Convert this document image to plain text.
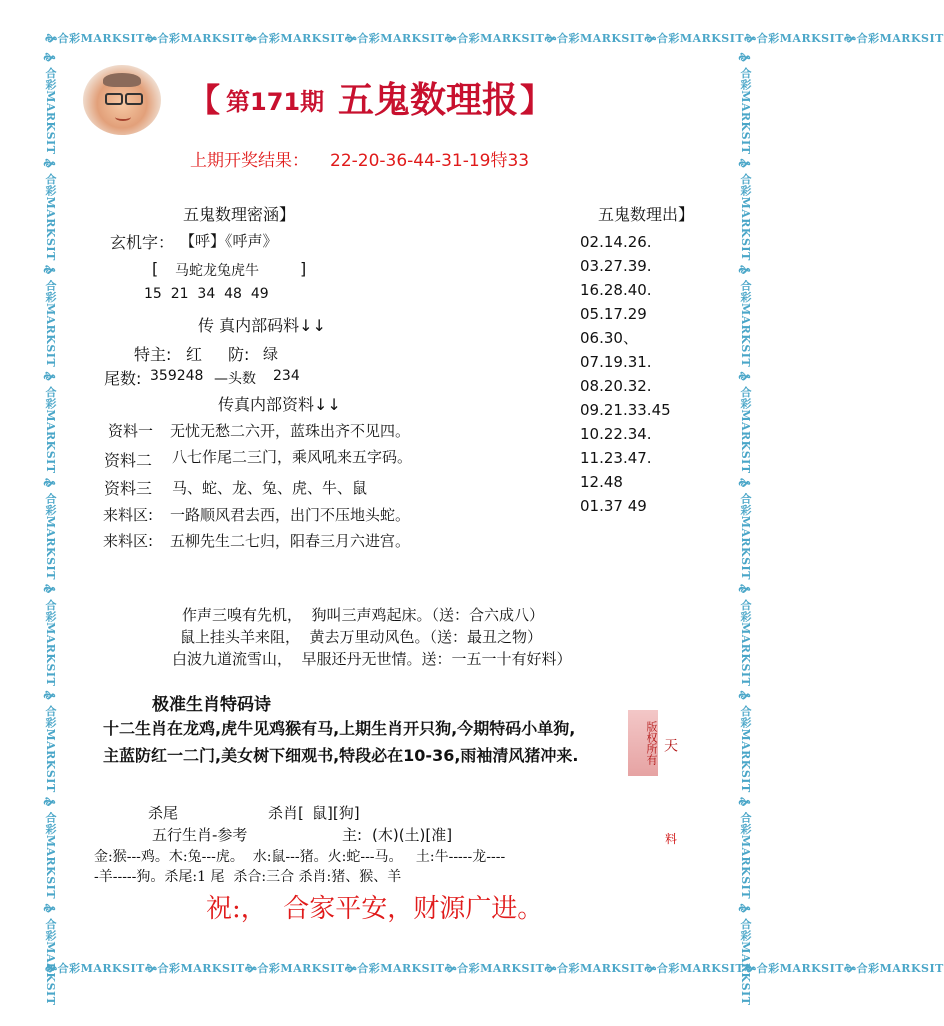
🙞合彩MARKSIT🙞合彩MARKSIT🙞合彩MARKSIT🙞合彩MARKSIT🙞合彩MARKSIT🙞合彩MARKSIT🙞合彩MARKSIT🙞合彩MARKSIT🙞合彩MARKSIT
🙞合彩MARKSIT🙞合彩MARKSIT🙞合彩MARKSIT🙞合彩MARKSIT🙞合彩MARKSIT🙞合彩MARKSIT🙞合彩MARKSIT🙞合彩MARKSIT🙞合彩MARKSIT
🙞合彩MARKSIT🙞合彩MARKSIT🙞合彩MARKSIT🙞合彩MARKSIT🙞合彩MARKSIT🙞合彩MARKSIT🙞合彩MARKSIT🙞合彩MARKSIT🙞合彩MARKSIT	🙞合彩MARKSIT🙞合彩MARKSIT🙞合彩MARKSIT🙞合彩MARKSIT🙞合彩MARKSIT🙞合彩MARKSIT🙞合彩MARKSIT🙞合彩MARKSIT🙞合彩MARKSIT
【 第171期 五鬼数理报 】
上期开奖结果： 22-20-36-44-31-19特33
五鬼数理密涵】
玄机字： 【呼】《呼声》
[ 马蛇龙兔虎牛	]
15  21  34  48  49
传 真内部码料↓↓
特主: 红 防: 绿
尾数: 359248 —头数 234
传真内部资料↓↓
资料一 无忧无愁二六开，蓝珠出齐不见四。
资料二 八七作尾二三门，乘风吼来五字码。
资料三 马、蛇、龙、兔、虎、牛、鼠
来料区: 一路顺风君去西，出门不压地头蛇。
来料区: 五柳先生二七归，阳春三月六进宫。
五鬼数理出】
02.14.26.
03.27.39.
16.28.40.
05.17.29
06.30、
07.19.31.
08.20.32.
09.21.33.45
10.22.34.
11.23.47.
12.48
01.37 49
作声三嗅有先机，  狗叫三声鸡起床。（送：合六成八）
鼠上挂头羊来阻，  黄去万里动风色。（送：最丑之物）
白波九道流雪山，  早服还丹无世情。送：一五一十有好料）
极准生肖特码诗
十二生肖在龙鸡,虎牛见鸡猴有马,上期生肖开只狗,今期特码小单狗,
主蓝防红一二门,美女树下细观书,特段必在10-36,雨袖清风猪冲来.	版权所有 天
料
杀尾	杀肖[ 鼠][狗]
五行生肖-参考	主: (木)(土)[准]
金:猴---鸡。木:兔---虎。  水:鼠---猪。火:蛇---马。   土:牛-----龙----
-羊-----狗。杀尾:1 尾  杀合:三合 杀肖:猪、猴、羊
祝:，  合家平安，财源广进。
